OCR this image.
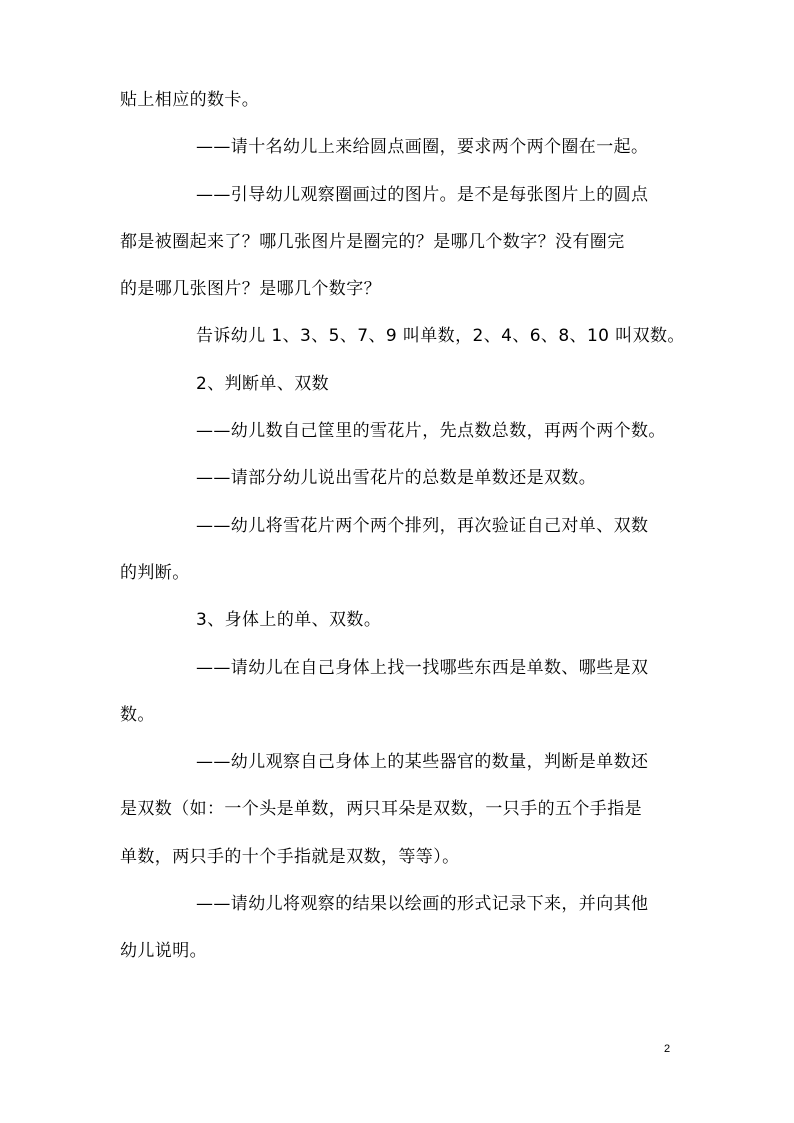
贴上相应的数卡。
——请十名幼儿上来给圆点画圈，要求两个两个圈在一起。
——引导幼儿观察圈画过的图片。是不是每张图片上的圆点
都是被圈起来了？哪几张图片是圈完的？是哪几个数字？没有圈完
的是哪几张图片？是哪几个数字？
告诉幼儿 1、3、5、7、9 叫单数，2、4、6、8、10 叫双数。
2、判断单、双数
——幼儿数自己筐里的雪花片，先点数总数，再两个两个数。
——请部分幼儿说出雪花片的总数是单数还是双数。
——幼儿将雪花片两个两个排列，再次验证自己对单、双数
的判断。
3、身体上的单、双数。
——请幼儿在自己身体上找一找哪些东西是单数、哪些是双
数。
——幼儿观察自己身体上的某些器官的数量，判断是单数还
是双数（如：一个头是单数，两只耳朵是双数，一只手的五个手指是
单数，两只手的十个手指就是双数，等等）。
——请幼儿将观察的结果以绘画的形式记录下来，并向其他
幼儿说明。
2
